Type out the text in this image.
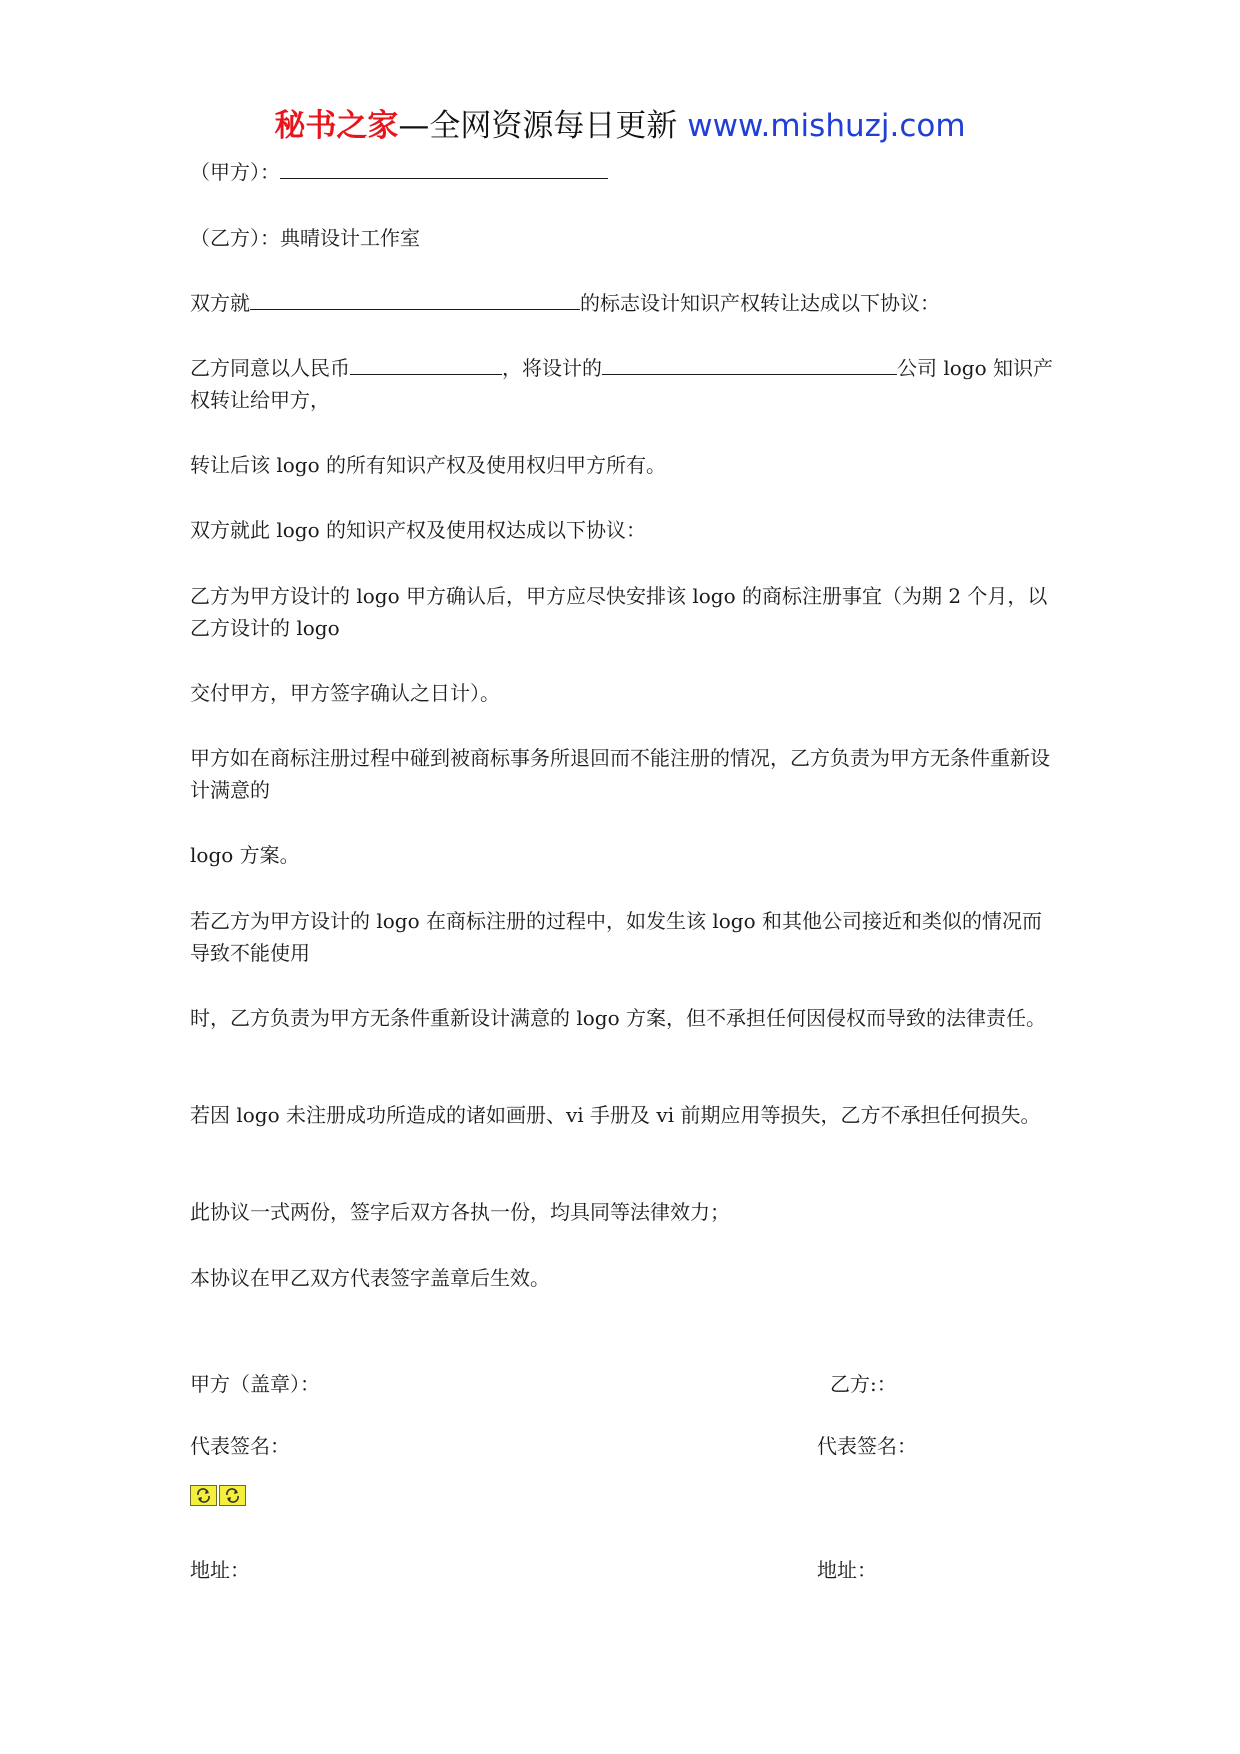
秘书之家—全网资源每日更新 www.mishuzj.com

（甲方）：

（乙方）：典晴设计工作室

双方就	的标志设计知识产权转让达成以下协议：

乙方同意以人民币	，将设计的	公司 logo 知识产权转让给甲方，

转让后该 logo 的所有知识产权及使用权归甲方所有。

双方就此 logo 的知识产权及使用权达成以下协议：

乙方为甲方设计的 logo 甲方确认后，甲方应尽快安排该 logo 的商标注册事宜（为期 2 个月，以乙方设计的 logo

交付甲方，甲方签字确认之日计）。

甲方如在商标注册过程中碰到被商标事务所退回而不能注册的情况，乙方负责为甲方无条件重新设计满意的

logo 方案。

若乙方为甲方设计的 logo 在商标注册的过程中，如发生该 logo 和其他公司接近和类似的情况而导致不能使用

时，乙方负责为甲方无条件重新设计满意的 logo 方案，但不承担任何因侵权而导致的法律责任。

若因 logo 未注册成功所造成的诸如画册、vi 手册及 vi 前期应用等损失，乙方不承担任何损失。

此协议一式两份，签字后双方各执一份，均具同等法律效力；

本协议在甲乙双方代表签字盖章后生效。

甲方（盖章）：	乙方:：
代表签名：	代表签名：
地址：	地址：
